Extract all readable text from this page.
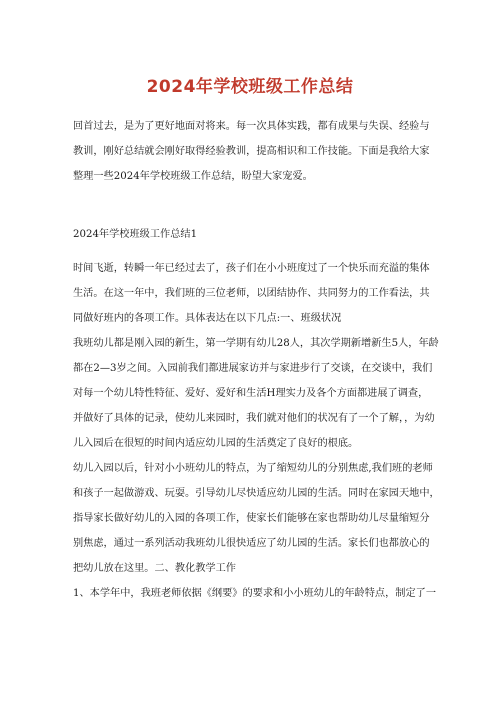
2024年学校班级工作总结

回首过去，是为了更好地面对将来。每一次具体实践，都有成果与失误、经验与
教训，刚好总结就会刚好取得经验教训，提高相识和工作技能。下面是我给大家
整理一些2024年学校班级工作总结，盼望大家宠爱。

2024年学校班级工作总结1

时间飞逝，转瞬一年已经过去了，孩子们在小小班度过了一个快乐而充溢的集体
生活。在这一年中，我们班的三位老师，以团结协作、共同努力的工作看法，共
同做好班内的各项工作。具体表达在以下几点:一、班级状况
我班幼儿都是刚入园的新生，第一学期有幼儿28人，其次学期新增新生5人，年龄
都在2—3岁之间。入园前我们都进展家访并与家进步行了交谈，在交谈中，我们
对每一个幼儿特性特征、爱好、爱好和生活H理实力及各个方面都进展了调查，
并做好了具体的记录，使幼儿来园时，我们就对他们的状况有了一个了解，，为幼
儿入园后在很短的时间内适应幼儿园的生活奠定了良好的根底。
幼儿入园以后，针对小小班幼儿的特点，为了缩短幼儿的分别焦虑,我们班的老师
和孩子一起做游戏、玩耍。引导幼儿尽快适应幼儿园的生活。同时在家园天地中，
指导家长做好幼儿的入园的各项工作，使家长们能够在家也帮助幼儿尽量缩短分
别焦虑，通过一系列活动我班幼儿很快适应了幼儿园的生活。家长们也都放心的
把幼儿放在这里。二、教化教学工作
1、本学年中，我班老师依据《纲要》的要求和小小班幼儿的年龄特点，制定了一
